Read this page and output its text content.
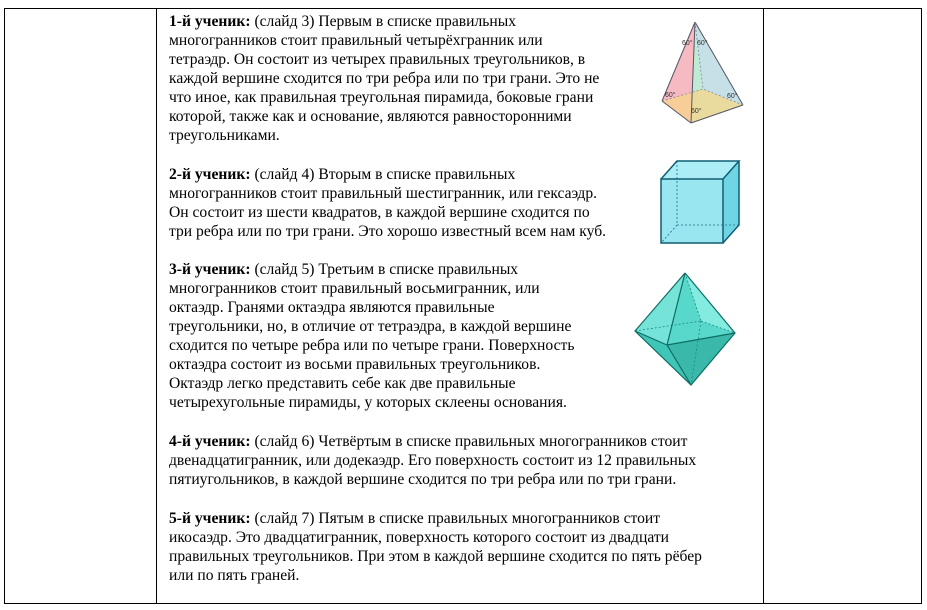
1-й ученик: (слайд 3) Первым в списке правильных
многогранников стоит правильный четырёхгранник или
тетраэдр. Он состоит из четырех правильных треугольников, в
каждой вершине сходится по три ребра или по три грани. Это не
что иное, как правильная треугольная пирамида, боковые грани
которой, также как и основание, являются равносторонними
треугольниками.
60° 60°
60°	60°
60°
2-й ученик: (слайд 4) Вторым в списке правильных
многогранников стоит правильный шестигранник, или гексаэдр.
Он состоит из шести квадратов, в каждой вершине сходится по
три ребра или по три грани. Это хорошо известный всем нам куб.
3-й ученик: (слайд 5) Третьим в списке правильных
многогранников стоит правильный восьмигранник, или
октаэдр. Гранями октаэдра являются правильные
треугольники, но, в отличие от тетраэдра, в каждой вершине
сходится по четыре ребра или по четыре грани. Поверхность
октаэдра состоит из восьми правильных треугольников.
Октаэдр легко представить себе как две правильные
четырехугольные пирамиды, у которых склеены основания.
4-й ученик: (слайд 6) Четвёртым в списке правильных многогранников стоит
двенадцатигранник, или додекаэдр. Его поверхность состоит из 12 правильных
пятиугольников, в каждой вершине сходится по три ребра или по три грани.
5-й ученик: (слайд 7) Пятым в списке правильных многогранников стоит
икосаэдр. Это двадцатигранник, поверхность которого состоит из двадцати
правильных треугольников. При этом в каждой вершине сходится по пять рёбер
или по пять граней.
